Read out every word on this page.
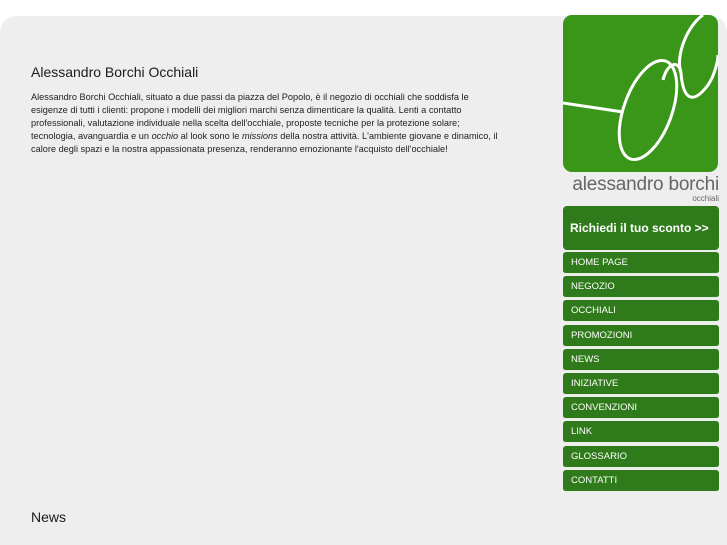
Alessandro Borchi Occhiali

Alessandro Borchi Occhiali, situato a due passi da piazza del Popolo, è il negozio di occhiali che soddisfa le esigenze di tutti i clienti: propone i modelli dei migliori marchi senza dimenticare la qualità. Lenti a contatto professionali, valutazione individuale nella scelta dell'occhiale, proposte tecniche per la protezione solare; tecnologia, avanguardia e un occhio al look sono le missions della nostra attività. L'ambiente giovane e dinamico, il calore degli spazi e la nostra appassionata presenza, renderanno emozionante l'acquisto dell'occhiale!

News
alessandro borchi
occhiali
Richiedi il tuo sconto >>
HOME PAGE
NEGOZIO
OCCHIALI
PROMOZIONI
NEWS
INIZIATIVE
CONVENZIONI
LINK
GLOSSARIO
CONTATTI
